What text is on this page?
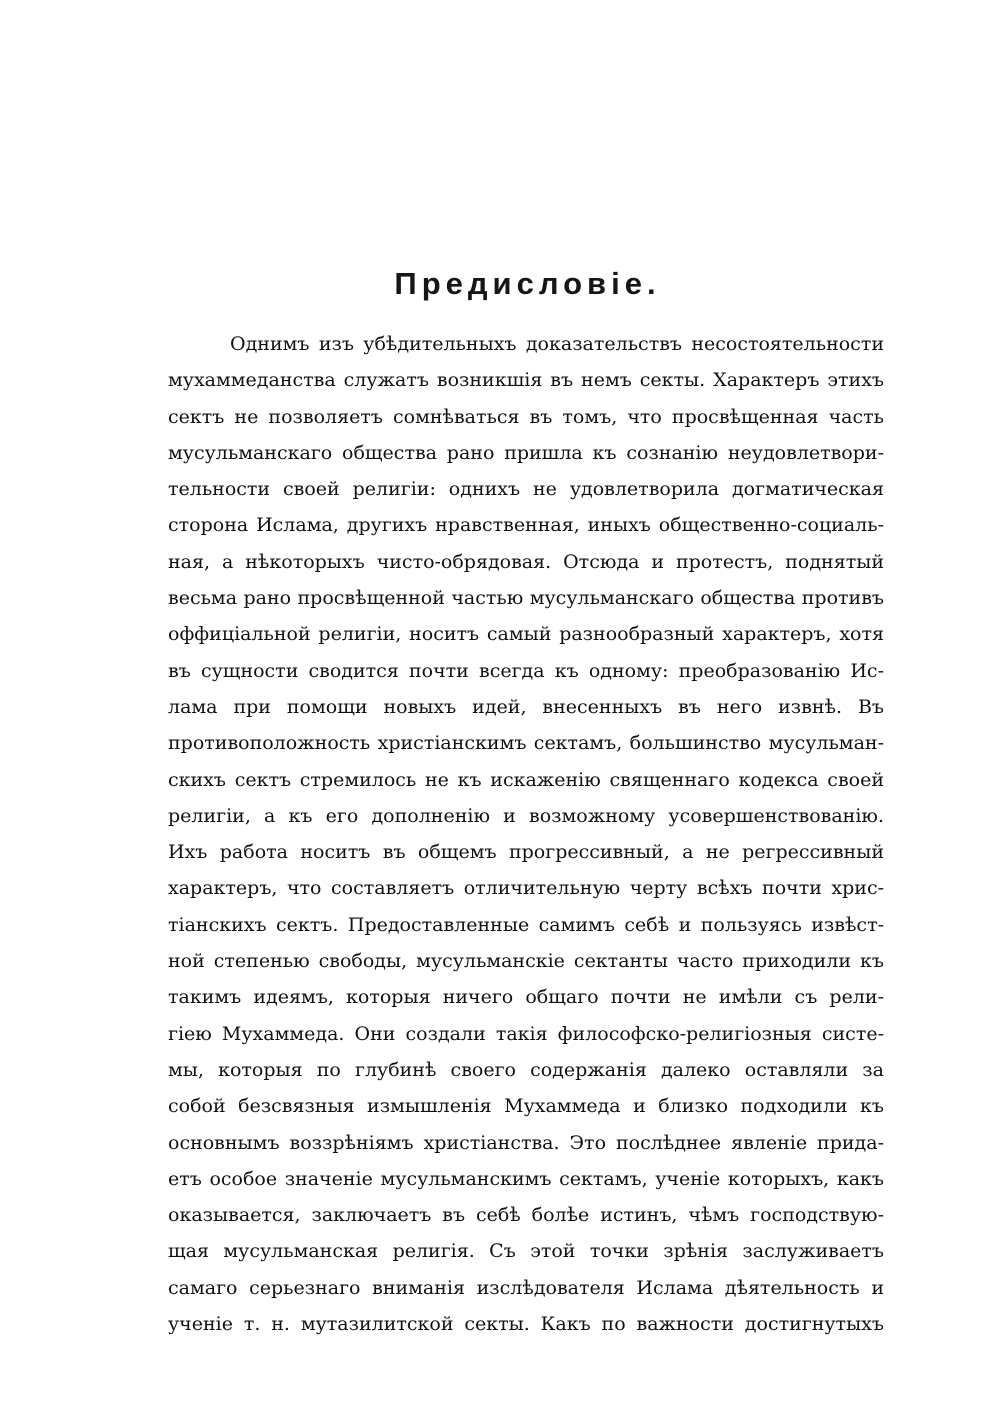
Предисловіе.
Однимъ изъ убѣдительныхъ доказательствъ несостоятельности
мухаммеданства служатъ возникшія въ немъ секты. Характеръ этихъ
сектъ не позволяетъ сомнѣваться въ томъ, что просвѣщенная часть
мусульманскаго общества рано пришла къ сознанію неудовлетвори-
тельности своей религіи: однихъ не удовлетворила догматическая
сторона Ислама, другихъ нравственная, иныхъ общественно-социаль-
ная, а нѣкоторыхъ чисто-обрядовая. Отсюда и протестъ, поднятый
весьма рано просвѣщенной частью мусульманскаго общества противъ
оффиціальной религіи, носитъ самый разнообразный характеръ, хотя
въ сущности сводится почти всегда къ одному: преобразованію Ис-
лама при помощи новыхъ идей, внесенныхъ въ него извнѣ. Въ
противоположность христіанскимъ сектамъ, большинство мусульман-
скихъ сектъ стремилось не къ искаженію священнаго кодекса своей
религіи, а къ его дополненію и возможному усовершенствованію.
Ихъ работа носитъ въ общемъ прогрессивный, а не регрессивный
характеръ, что составляетъ отличительную черту всѣхъ почти хрис-
тіанскихъ сектъ. Предоставленные самимъ себѣ и пользуясь извѣст-
ной степенью свободы, мусульманскіе сектанты часто приходили къ
такимъ идеямъ, которыя ничего общаго почти не имѣли съ рели-
гіею Мухаммеда. Они создали такія философско-религіозныя систе-
мы, которыя по глубинѣ своего содержанія далеко оставляли за
собой безсвязныя измышленія Мухаммеда и близко подходили къ
основнымъ воззрѣніямъ христіанства. Это послѣднее явленіе прида-
етъ особое значеніе мусульманскимъ сектамъ, ученіе которыхъ, какъ
оказывается, заключаетъ въ себѣ болѣе истинъ, чѣмъ господствую-
щая мусульманская религія. Съ этой точки зрѣнія заслуживаетъ
самаго серьезнаго вниманія изслѣдователя Ислама дѣятельность и
ученіе т. н. мутазилитской секты. Какъ по важности достигнутыхъ
